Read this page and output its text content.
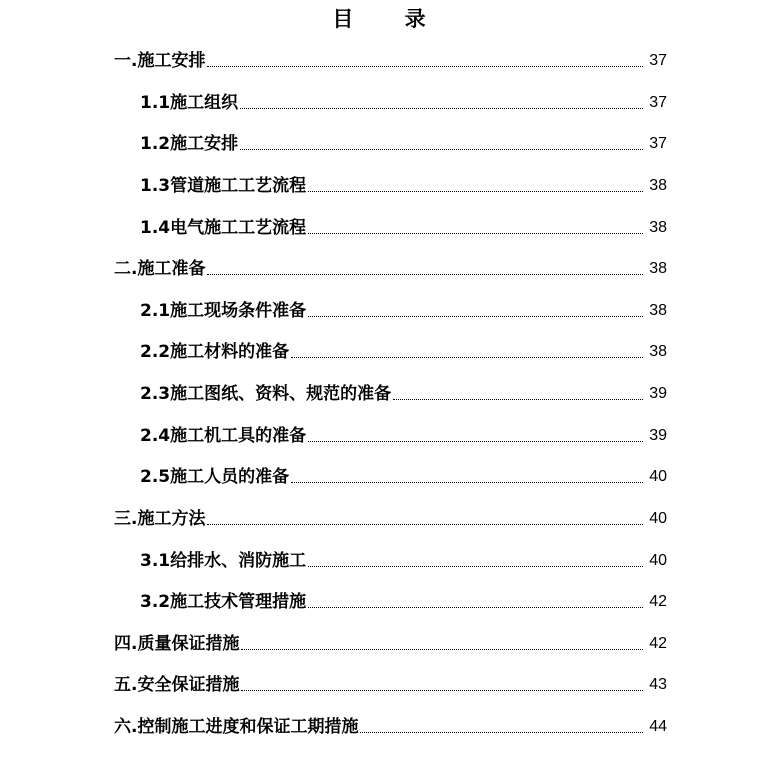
目 录
一.施工安排	37
1.1施工组织	37
1.2施工安排	37
1.3管道施工工艺流程	38
1.4电气施工工艺流程	38
二.施工准备	38
2.1施工现场条件准备	38
2.2施工材料的准备	38
2.3施工图纸、资料、规范的准备	39
2.4施工机工具的准备	39
2.5施工人员的准备	40
三.施工方法	40
3.1给排水、消防施工	40
3.2施工技术管理措施	42
四.质量保证措施	42
五.安全保证措施	43
六.控制施工进度和保证工期措施	44
